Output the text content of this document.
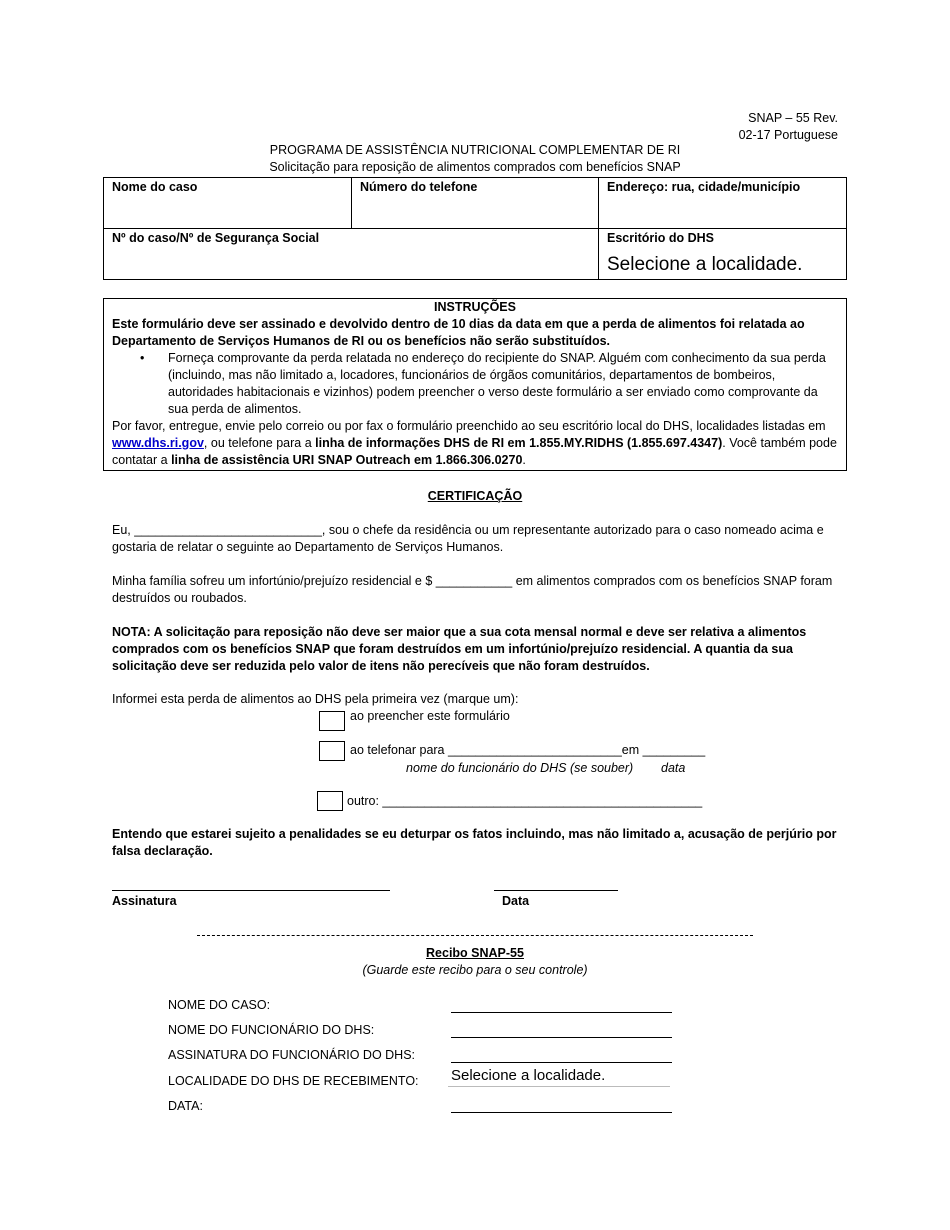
SNAP – 55 Rev.
02-17 Portuguese
PROGRAMA DE ASSISTÊNCIA NUTRICIONAL COMPLEMENTAR DE RI
Solicitação para reposição de alimentos comprados com benefícios SNAP
Nome do caso	Número do telefone	Endereço: rua, cidade/município
Nº do caso/Nº de Segurança Social	Escritório do DHS
Selecione a localidade.

INSTRUÇÕES

Este formulário deve ser assinado e devolvido dentro de 10 dias da data em que a perda de alimentos foi relatada ao Departamento de Serviços Humanos de RI ou os benefícios não serão substituídos.

• Forneça comprovante da perda relatada no endereço do recipiente do SNAP. Alguém com conhecimento da sua perda (incluindo, mas não limitado a, locadores, funcionários de órgãos comunitários, departamentos de bombeiros, autoridades habitacionais e vizinhos) podem preencher o verso deste formulário a ser enviado como comprovante da sua perda de alimentos.

Por favor, entregue, envie pelo correio ou por fax o formulário preenchido ao seu escritório local do DHS, localidades listadas em www.dhs.ri.gov, ou telefone para a linha de informações DHS de RI em 1.855.MY.RIDHS (1.855.697.4347). Você também pode contatar a linha de assistência URI SNAP Outreach em 1.866.306.0270.

CERTIFICAÇÃO
Eu, ___________________________, sou o chefe da residência ou um representante autorizado para o caso nomeado acima e gostaria de relatar o seguinte ao Departamento de Serviços Humanos.
Minha família sofreu um infortúnio/prejuízo residencial e $ ___________ em alimentos comprados com os benefícios SNAP foram destruídos ou roubados.
NOTA: A solicitação para reposição não deve ser maior que a sua cota mensal normal e deve ser relativa a alimentos comprados com os benefícios SNAP que foram destruídos em um infortúnio/prejuízo residencial. A quantia da sua solicitação deve ser reduzida pelo valor de itens não perecíveis que não foram destruídos.
Informei esta perda de alimentos ao DHS pela primeira vez (marque um):
ao preencher este formulário
ao telefonar para _________________________em _________
nome do funcionário do DHS (se souber) data
outro: ______________________________________________
Entendo que estarei sujeito a penalidades se eu deturpar os fatos incluindo, mas não limitado a, acusação de perjúrio por falsa declaração.
Assinatura	Data
Recibo SNAP-55
(Guarde este recibo para o seu controle)
NOME DO CASO:
NOME DO FUNCIONÁRIO DO DHS:
ASSINATURA DO FUNCIONÁRIO DO DHS:
LOCALIDADE DO DHS DE RECEBIMENTO: Selecione a localidade.
DATA:
